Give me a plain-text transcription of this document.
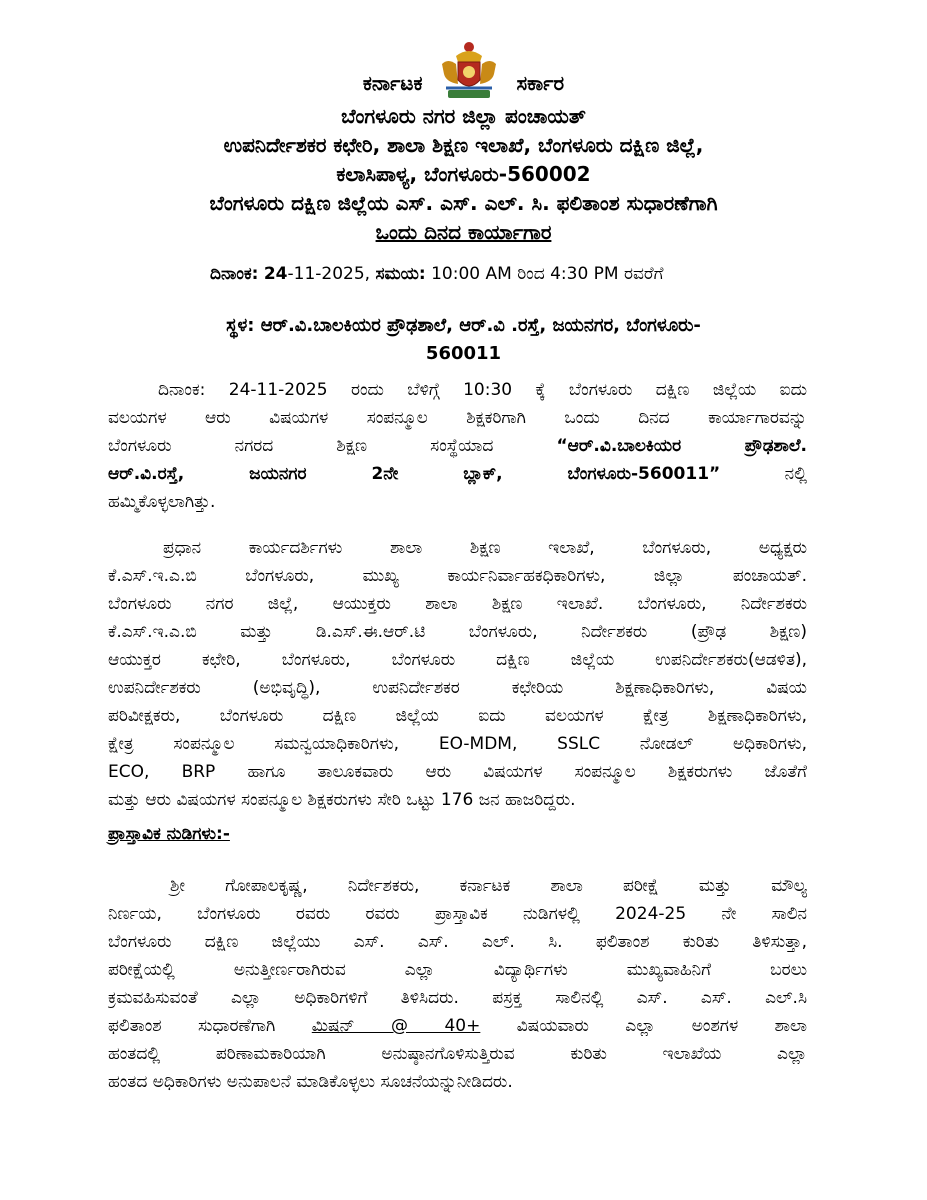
ಕರ್ನಾಟಕ	ಸರ್ಕಾರ
ಬೆಂಗಳೂರು ನಗರ ಜಿಲ್ಲಾ ಪಂಚಾಯತ್
ಉಪನಿರ್ದೇಶಕರ ಕಛೇರಿ, ಶಾಲಾ ಶಿಕ್ಷಣ ಇಲಾಖೆ, ಬೆಂಗಳೂರು ದಕ್ಷಿಣ ಜಿಲ್ಲೆ,
ಕಲಾಸಿಪಾಳ್ಯ, ಬೆಂಗಳೂರು-560002
ಬೆಂಗಳೂರು ದಕ್ಷಿಣ ಜಿಲ್ಲೆಯ ಎಸ್. ಎಸ್. ಎಲ್. ಸಿ. ಫಲಿತಾಂಶ ಸುಧಾರಣೆಗಾಗಿ
ಒಂದು ದಿನದ ಕಾರ್ಯಾಗಾರ
ದಿನಾಂಕ: 24-11-2025, ಸಮಯ: 10:00 AM ರಿಂದ 4:30 PM ರವರೆಗೆ
ಸ್ಥಳ: ಆರ್.ವಿ.ಬಾಲಕಿಯರ ಪ್ರೌಢಶಾಲೆ, ಆರ್.ವಿ .ರಸ್ತೆ, ಜಯನಗರ, ಬೆಂಗಳೂರು-
560011
ದಿನಾಂಕ: 24-11-2025 ರಂದು ಬೆಳಿಗ್ಗೆ 10:30 ಕ್ಕೆ ಬೆಂಗಳೂರು ದಕ್ಷಿಣ ಜಿಲ್ಲೆಯ ಐದು
ವಲಯಗಳ ಆರು ವಿಷಯಗಳ ಸಂಪನ್ಮೂಲ ಶಿಕ್ಷಕರಿಗಾಗಿ ಒಂದು ದಿನದ ಕಾರ್ಯಾಗಾರವನ್ನು
ಬೆಂಗಳೂರು ನಗರದ ಶಿಕ್ಷಣ ಸಂಸ್ಥೆಯಾದ “ಆರ್.ವಿ.ಬಾಲಕಿಯರ ಪ್ರೌಢಶಾಲೆ.
ಆರ್.ವಿ.ರಸ್ತೆ, ಜಯನಗರ 2ನೇ ಬ್ಲಾಕ್, ಬೆಂಗಳೂರು-560011” ನಲ್ಲಿ
ಹಮ್ಮಿಕೊಳ್ಳಲಾಗಿತ್ತು.
ಪ್ರಧಾನ ಕಾರ್ಯದರ್ಶಿಗಳು ಶಾಲಾ ಶಿಕ್ಷಣ ಇಲಾಖೆ, ಬೆಂಗಳೂರು, ಅಧ್ಯಕ್ಷರು
ಕೆ.ಎಸ್.ಇ.ಎ.ಬಿ ಬೆಂಗಳೂರು, ಮುಖ್ಯ ಕಾರ್ಯನಿರ್ವಾಹಕಧಿಕಾರಿಗಳು, ಜಿಲ್ಲಾ ಪಂಚಾಯತ್.
ಬೆಂಗಳೂರು ನಗರ ಜಿಲ್ಲೆ, ಆಯುಕ್ತರು ಶಾಲಾ ಶಿಕ್ಷಣ ಇಲಾಖೆ. ಬೆಂಗಳೂರು, ನಿರ್ದೇಶಕರು
ಕೆ.ಎಸ್.ಇ.ಎ.ಬಿ ಮತ್ತು ಡಿ.ಎಸ್.ಈ.ಆರ್.ಟಿ ಬೆಂಗಳೂರು, ನಿರ್ದೇಶಕರು (ಪ್ರೌಢ ಶಿಕ್ಷಣ)
ಆಯುಕ್ತರ ಕಛೇರಿ, ಬೆಂಗಳೂರು, ಬೆಂಗಳೂರು ದಕ್ಷಿಣ ಜಿಲ್ಲೆಯ ಉಪನಿರ್ದೇಶಕರು(ಆಡಳಿತ),
ಉಪನಿರ್ದೇಶಕರು (ಅಭಿವೃದ್ಧಿ), ಉಪನಿರ್ದೇಶಕರ ಕಛೇರಿಯ ಶಿಕ್ಷಣಾಧಿಕಾರಿಗಳು, ವಿಷಯ
ಪರಿವೀಕ್ಷಕರು, ಬೆಂಗಳೂರು ದಕ್ಷಿಣ ಜಿಲ್ಲೆಯ ಐದು ವಲಯಗಳ ಕ್ಷೇತ್ರ ಶಿಕ್ಷಣಾಧಿಕಾರಿಗಳು,
ಕ್ಷೇತ್ರ ಸಂಪನ್ಮೂಲ ಸಮನ್ವಯಾಧಿಕಾರಿಗಳು, EO-MDM, SSLC ನೋಡಲ್ ಅಧಿಕಾರಿಗಳು,
ECO, BRP ಹಾಗೂ ತಾಲೂಕವಾರು ಆರು ವಿಷಯಗಳ ಸಂಪನ್ಮೂಲ ಶಿಕ್ಷಕರುಗಳು ಜೊತೆಗೆ
ಮತ್ತು ಆರು ವಿಷಯಗಳ ಸಂಪನ್ಮೂಲ ಶಿಕ್ಷಕರುಗಳು ಸೇರಿ ಒಟ್ಟು 176 ಜನ ಹಾಜರಿದ್ದರು.
ಪ್ರಾಸ್ತಾವಿಕ ನುಡಿಗಳು:-
ಶ್ರೀ ಗೋಪಾಲಕೃಷ್ಣ, ನಿರ್ದೇಶಕರು, ಕರ್ನಾಟಕ ಶಾಲಾ ಪರೀಕ್ಷೆ ಮತ್ತು ಮೌಲ್ಯ
ನಿರ್ಣಯ, ಬೆಂಗಳೂರು ರವರು ರವರು ಪ್ರಾಸ್ತಾವಿಕ ನುಡಿಗಳಲ್ಲಿ 2024-25 ನೇ ಸಾಲಿನ
ಬೆಂಗಳೂರು ದಕ್ಷಿಣ ಜಿಲ್ಲೆಯು ಎಸ್. ಎಸ್. ಎಲ್. ಸಿ. ಫಲಿತಾಂಶ ಕುರಿತು ತಿಳಿಸುತ್ತಾ,
ಪರೀಕ್ಷೆಯಲ್ಲಿ ಅನುತ್ತೀರ್ಣರಾಗಿರುವ ಎಲ್ಲಾ ವಿದ್ಯಾರ್ಥಿಗಳು ಮುಖ್ಯವಾಹಿನಿಗೆ ಬರಲು
ಕ್ರಮವಹಿಸುವಂತೆ ಎಲ್ಲಾ ಅಧಿಕಾರಿಗಳಿಗೆ ತಿಳಿಸಿದರು. ಪಸ್ರಕ್ತ ಸಾಲಿನಲ್ಲಿ ಎಸ್. ಎಸ್. ಎಲ್.ಸಿ
ಫಲಿತಾಂಶ ಸುಧಾರಣೆಗಾಗಿ ಮಿಷನ್ @ 40+ ವಿಷಯವಾರು ಎಲ್ಲಾ ಅಂಶಗಳ ಶಾಲಾ
ಹಂತದಲ್ಲಿ ಪರಿಣಾಮಕಾರಿಯಾಗಿ ಅನುಷ್ಠಾನಗೊಳಿಸುತ್ತಿರುವ ಕುರಿತು ಇಲಾಖೆಯ ಎಲ್ಲಾ
ಹಂತದ ಅಧಿಕಾರಿಗಳು ಅನುಪಾಲನೆ ಮಾಡಿಕೊಳ್ಳಲು ಸೂಚನೆಯನ್ನುನೀಡಿದರು.
